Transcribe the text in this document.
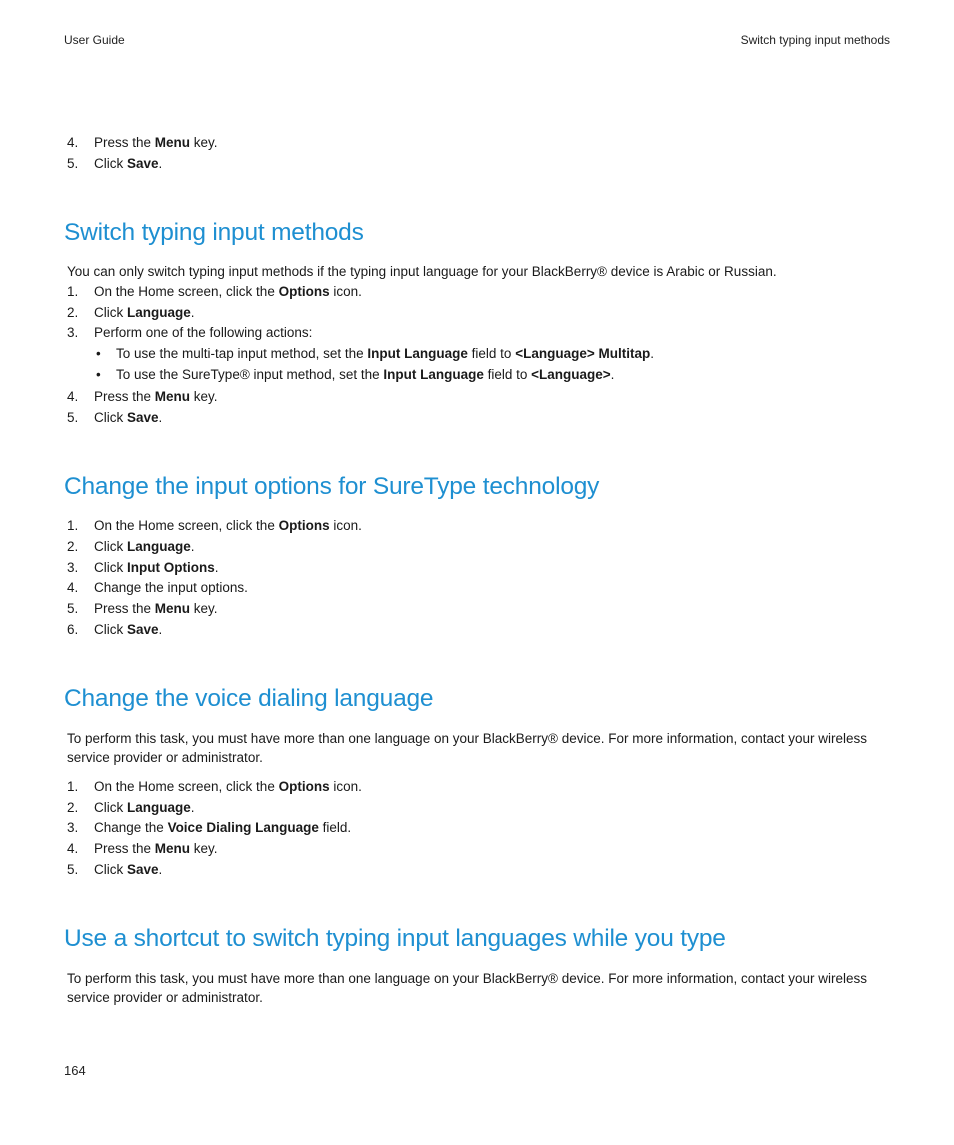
User Guide	Switch typing input methods
4. Press the Menu key.
5. Click Save.
Switch typing input methods

You can only switch typing input methods if the typing input language for your BlackBerry® device is Arabic or Russian.

1. On the Home screen, click the Options icon.
2. Click Language.
3. Perform one of the following actions:
• To use the multi-tap input method, set the Input Language field to <Language> Multitap.
• To use the SureType® input method, set the Input Language field to <Language>.
4. Press the Menu key.
5. Click Save.
Change the input options for SureType technology
1. On the Home screen, click the Options icon.
2. Click Language.
3. Click Input Options.
4. Change the input options.
5. Press the Menu key.
6. Click Save.
Change the voice dialing language

To perform this task, you must have more than one language on your BlackBerry® device. For more information, contact your wireless service provider or administrator.

1. On the Home screen, click the Options icon.
2. Click Language.
3. Change the Voice Dialing Language field.
4. Press the Menu key.
5. Click Save.
Use a shortcut to switch typing input languages while you type

To perform this task, you must have more than one language on your BlackBerry® device. For more information, contact your wireless service provider or administrator.

164
